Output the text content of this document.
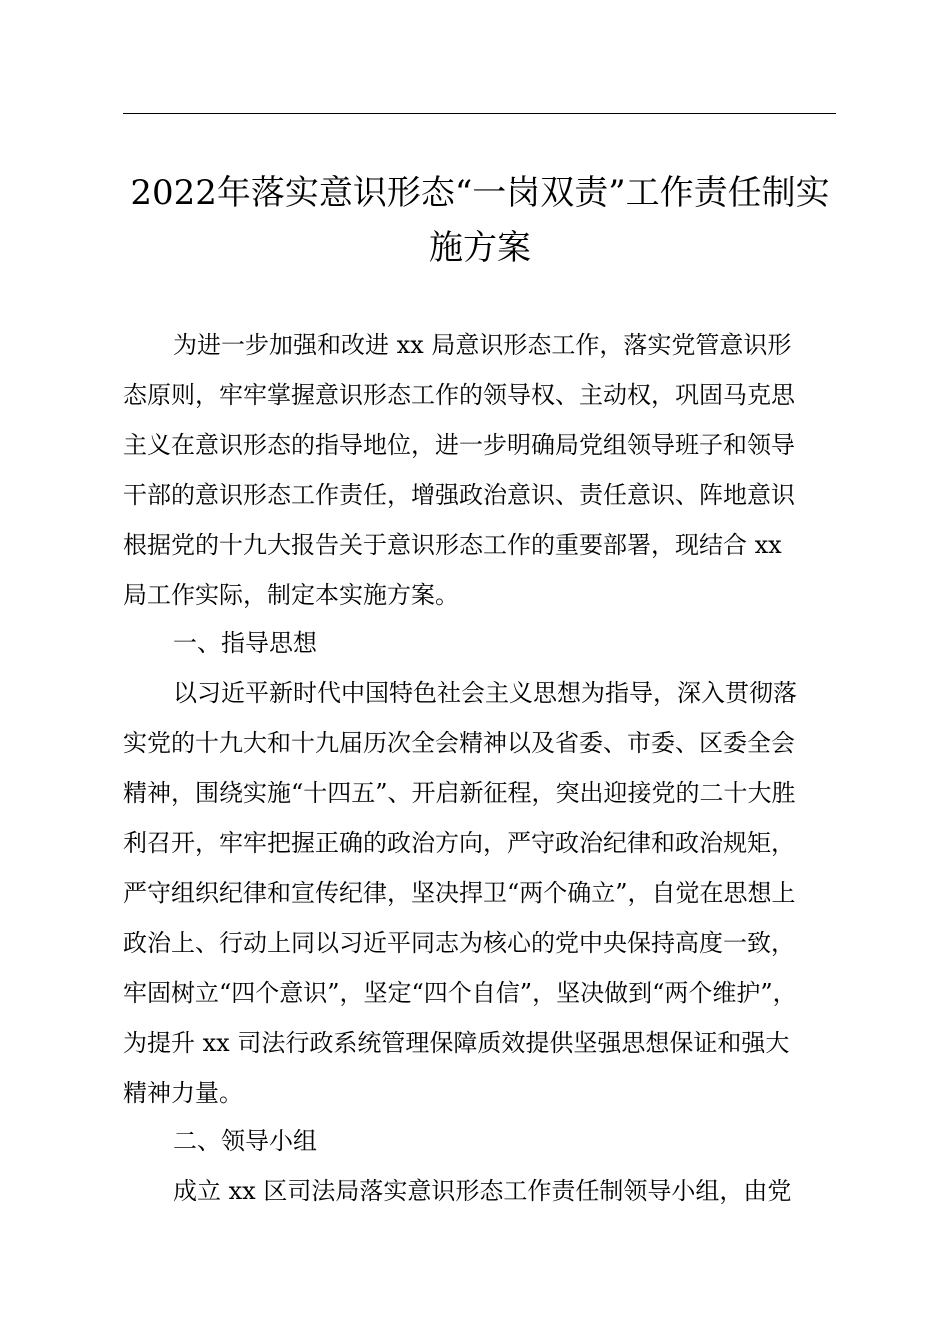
2022年落实意识形态“一岗双责”工作责任制实
施方案
为进一步加强和改进 xx 局意识形态工作，落实党管意识形
态原则，牢牢掌握意识形态工作的领导权、主动权，巩固马克思
主义在意识形态的指导地位，进一步明确局党组领导班子和领导
干部的意识形态工作责任，增强政治意识、责任意识、阵地意识
根据党的十九大报告关于意识形态工作的重要部署，现结合 xx
局工作实际，制定本实施方案。
一、指导思想
以习近平新时代中国特色社会主义思想为指导，深入贯彻落
实党的十九大和十九届历次全会精神以及省委、市委、区委全会
精神，围绕实施“十四五”、开启新征程，突出迎接党的二十大胜
利召开，牢牢把握正确的政治方向，严守政治纪律和政治规矩，
严守组织纪律和宣传纪律，坚决捍卫“两个确立”，自觉在思想上
政治上、行动上同以习近平同志为核心的党中央保持高度一致，
牢固树立“四个意识”，坚定“四个自信”，坚决做到“两个维护”，
为提升 xx 司法行政系统管理保障质效提供坚强思想保证和强大
精神力量。
二、领导小组
成立 xx 区司法局落实意识形态工作责任制领导小组，由党
